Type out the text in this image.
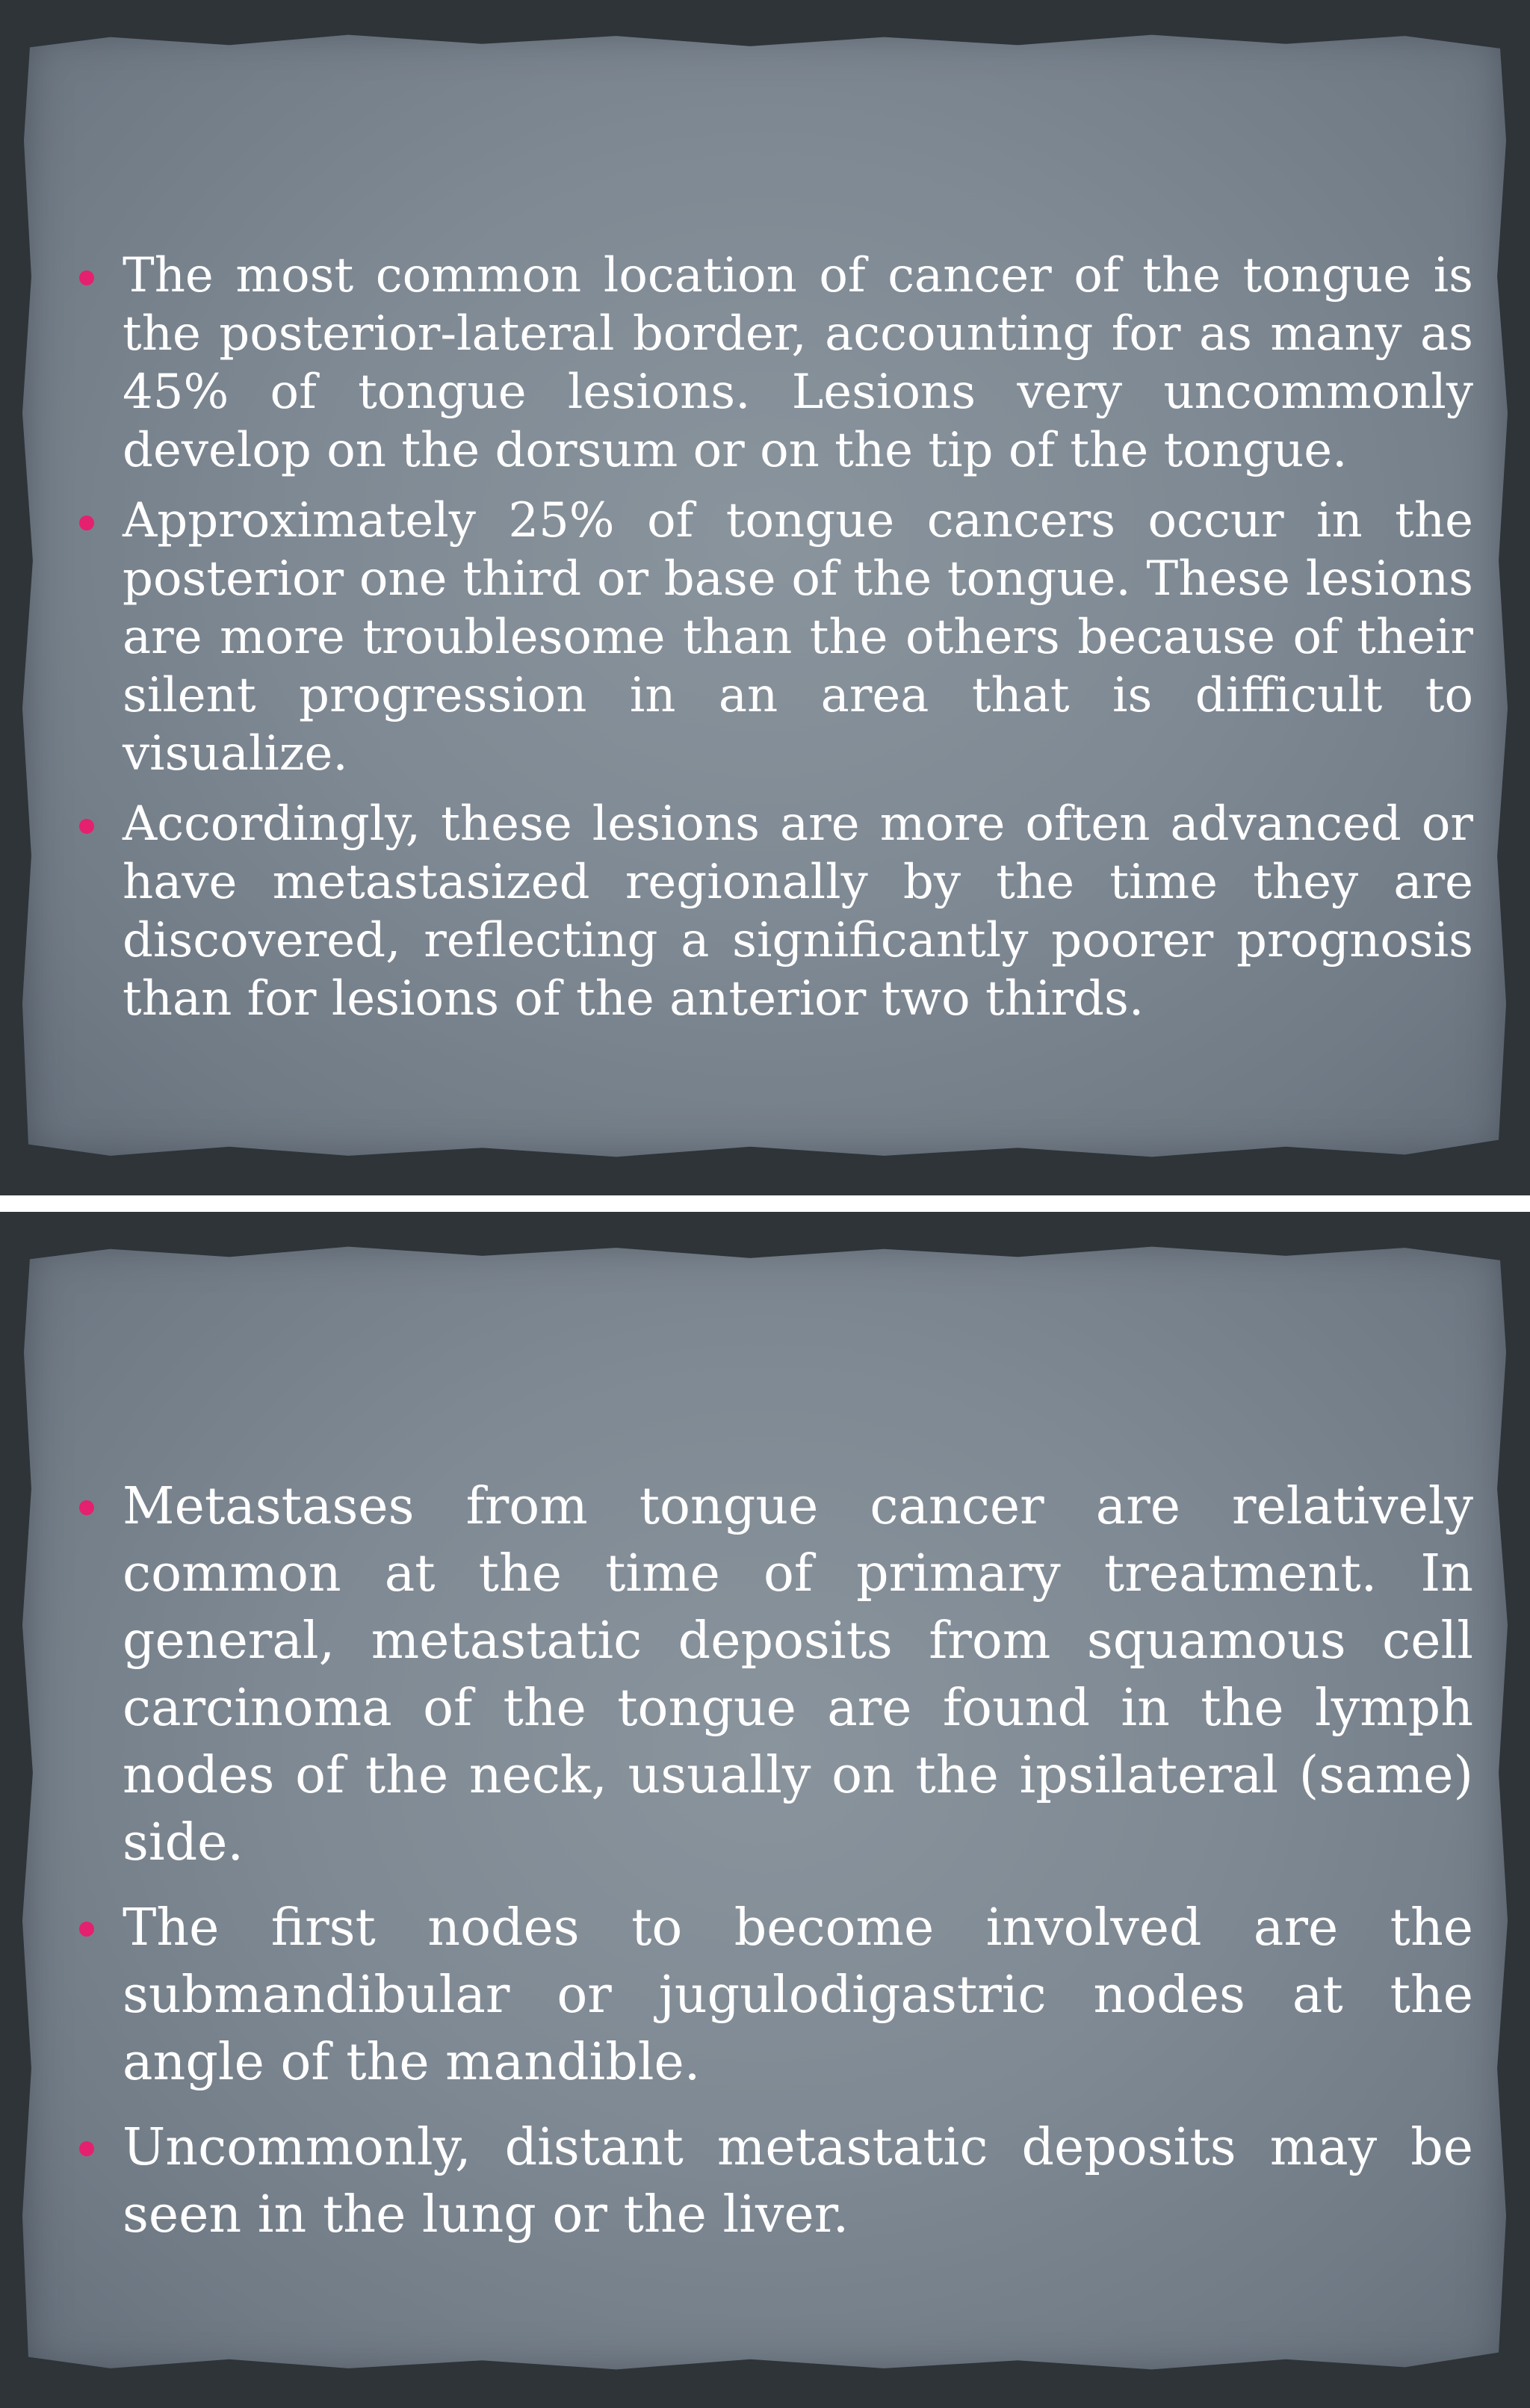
The most common location of cancer of the tongue is the posterior-lateral border, accounting for as many as 45% of tongue lesions. Lesions very uncommonly develop on the dorsum or on the tip of the tongue.
Approximately 25% of tongue cancers occur in the posterior one third or base of the tongue. These lesions are more troublesome than the others because of their silent progression in an area that is difficult to visualize.
Accordingly, these lesions are more often advanced or have metastasized regionally by the time they are discovered, reflecting a significantly poorer prognosis than for lesions of the anterior two thirds.
Metastases from tongue cancer are relatively common at the time of primary treatment. In general, metastatic deposits from squamous cell carcinoma of the tongue are found in the lymph nodes of the neck, usually on the ipsilateral (same) side.
The first nodes to become involved are the submandibular or jugulodigastric nodes at the angle of the mandible.
Uncommonly, distant metastatic deposits may be seen in the lung or the liver.
